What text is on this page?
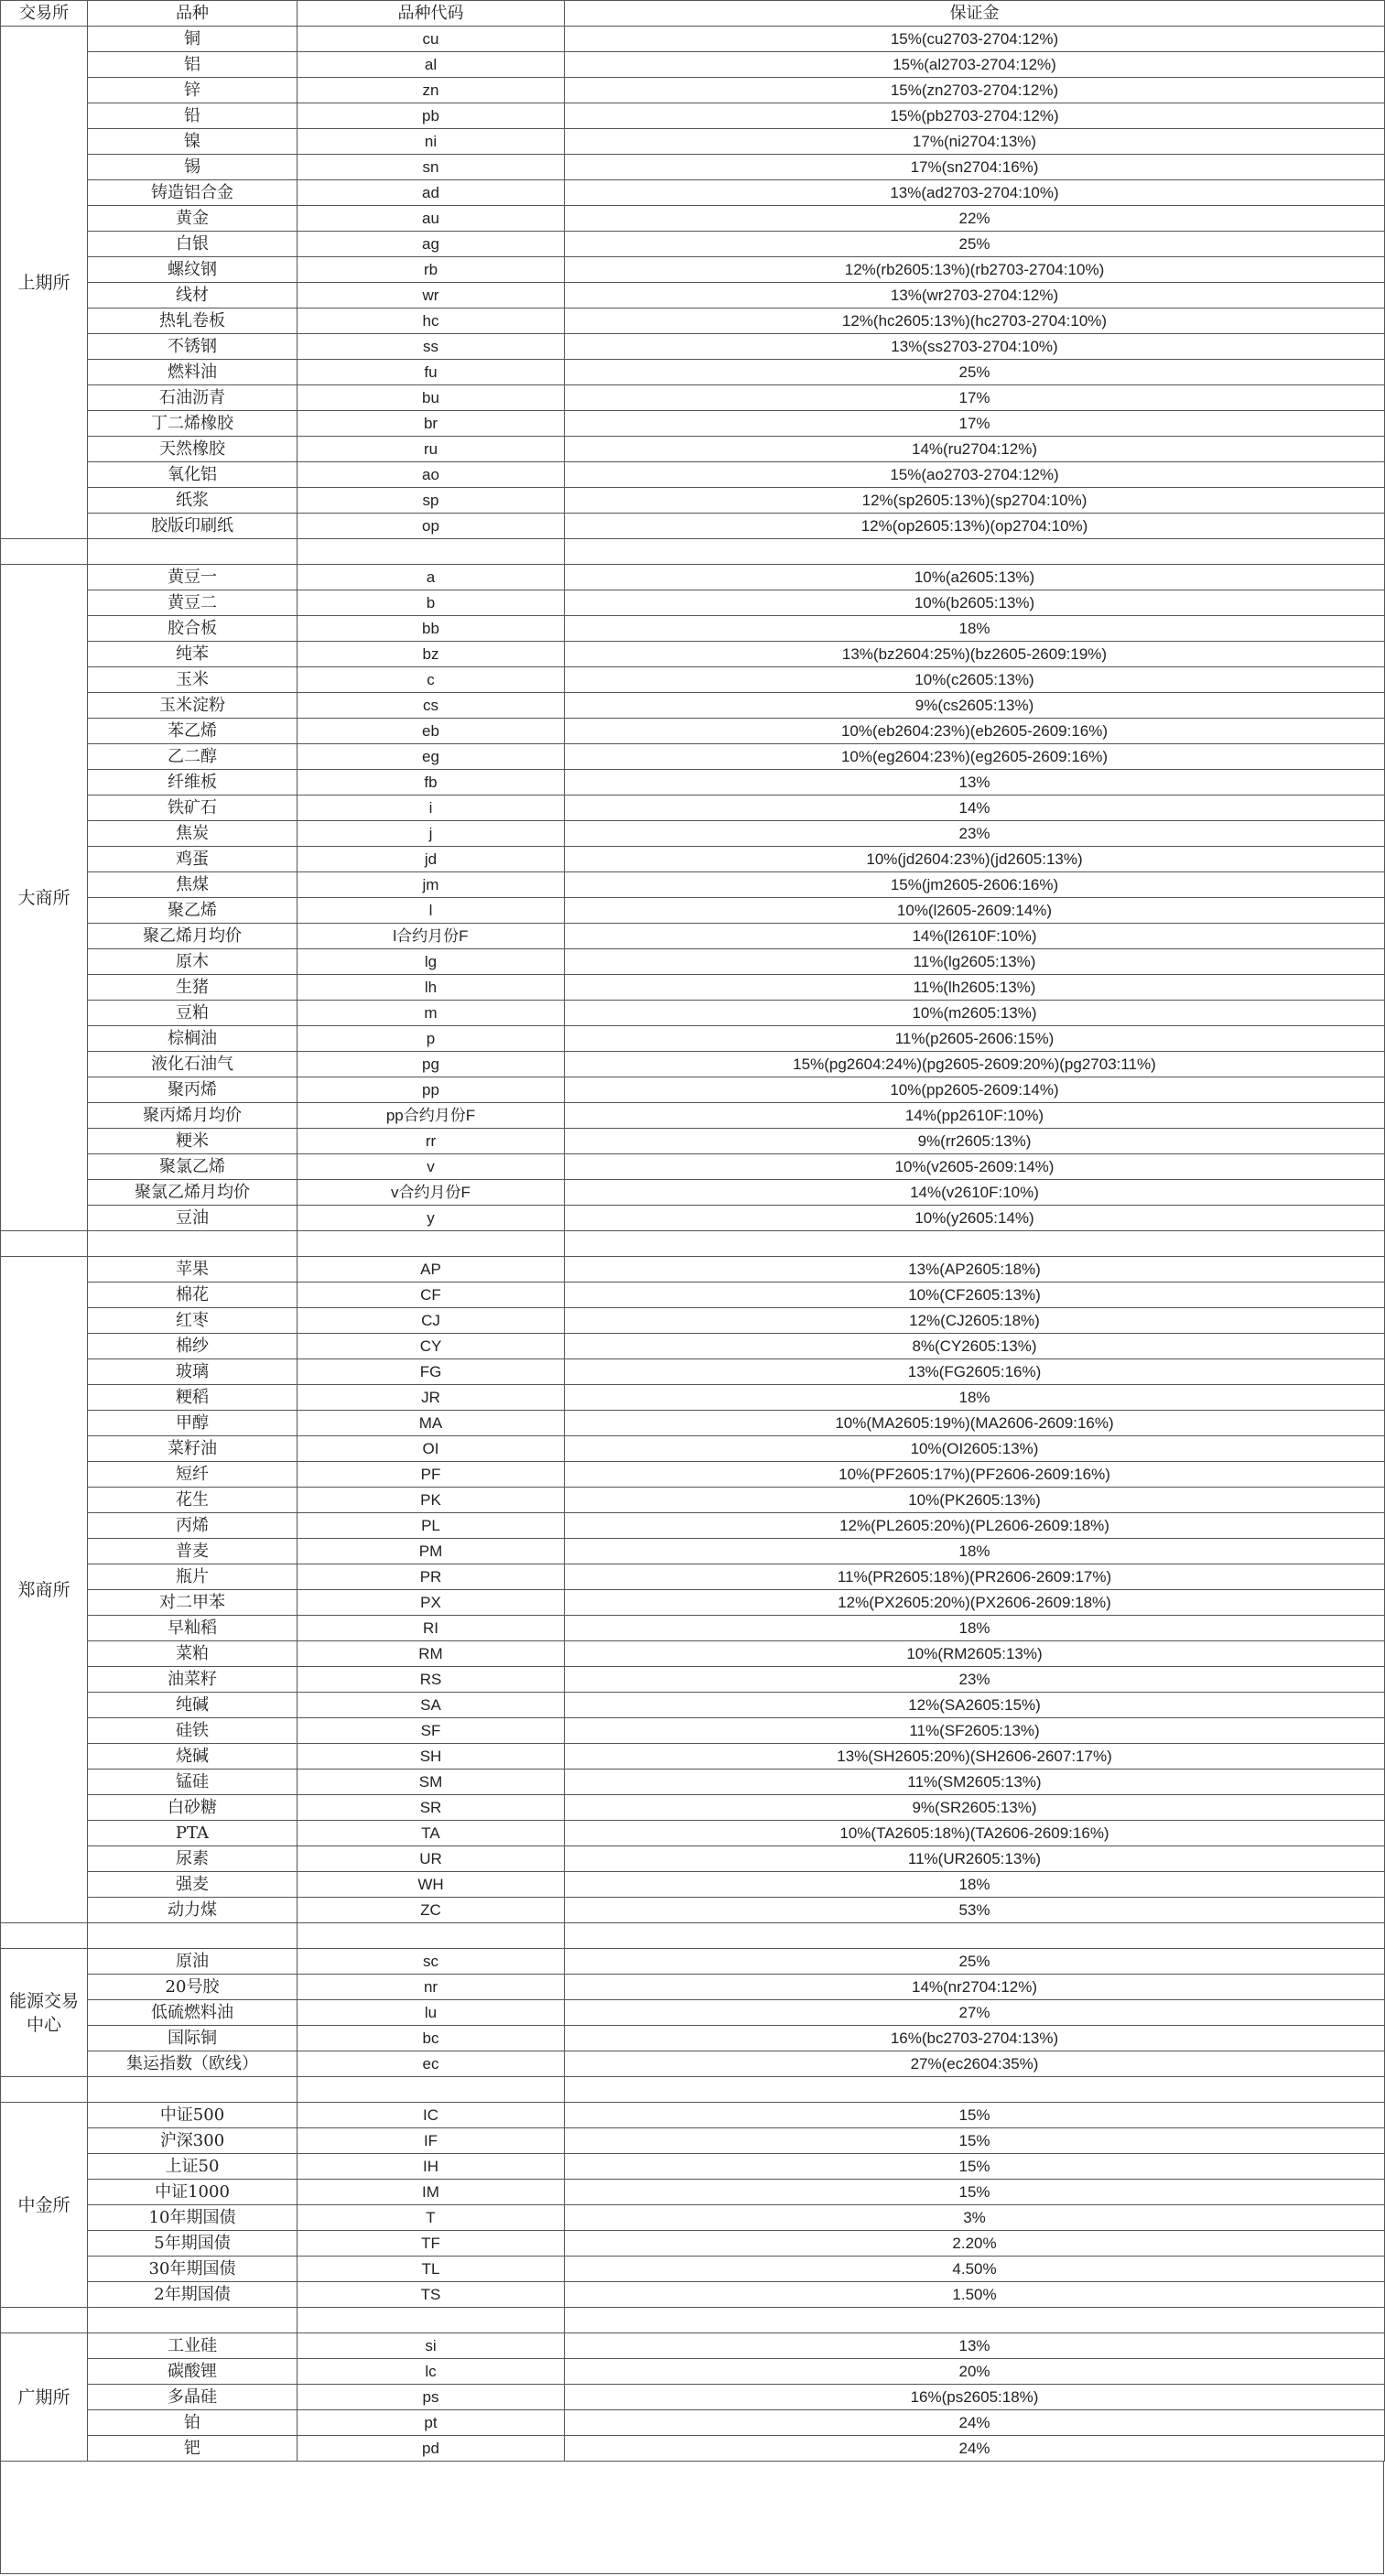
交易所	品种	品种代码	保证金
上期所	铜	cu	15%(cu2703-2704:12%)
	铝	al	15%(al2703-2704:12%)
	锌	zn	15%(zn2703-2704:12%)
	铅	pb	15%(pb2703-2704:12%)
	镍	ni	17%(ni2704:13%)
	锡	sn	17%(sn2704:16%)
	铸造铝合金	ad	13%(ad2703-2704:10%)
	黄金	au	22%
	白银	ag	25%
	螺纹钢	rb	12%(rb2605:13%)(rb2703-2704:10%)
	线材	wr	13%(wr2703-2704:12%)
	热轧卷板	hc	12%(hc2605:13%)(hc2703-2704:10%)
	不锈钢	ss	13%(ss2703-2704:10%)
	燃料油	fu	25%
	石油沥青	bu	17%
	丁二烯橡胶	br	17%
	天然橡胶	ru	14%(ru2704:12%)
	氧化铝	ao	15%(ao2703-2704:12%)
	纸浆	sp	12%(sp2605:13%)(sp2704:10%)
	胶版印刷纸	op	12%(op2605:13%)(op2704:10%)

大商所	黄豆一	a	10%(a2605:13%)
	黄豆二	b	10%(b2605:13%)
	胶合板	bb	18%
	纯苯	bz	13%(bz2604:25%)(bz2605-2609:19%)
	玉米	c	10%(c2605:13%)
	玉米淀粉	cs	9%(cs2605:13%)
	苯乙烯	eb	10%(eb2604:23%)(eb2605-2609:16%)
	乙二醇	eg	10%(eg2604:23%)(eg2605-2609:16%)
	纤维板	fb	13%
	铁矿石	i	14%
	焦炭	j	23%
	鸡蛋	jd	10%(jd2604:23%)(jd2605:13%)
	焦煤	jm	15%(jm2605-2606:16%)
	聚乙烯	l	10%(l2605-2609:14%)
	聚乙烯月均价	l合约月份F	14%(l2610F:10%)
	原木	lg	11%(lg2605:13%)
	生猪	lh	11%(lh2605:13%)
	豆粕	m	10%(m2605:13%)
	棕榈油	p	11%(p2605-2606:15%)
	液化石油气	pg	15%(pg2604:24%)(pg2605-2609:20%)(pg2703:11%)
	聚丙烯	pp	10%(pp2605-2609:14%)
	聚丙烯月均价	pp合约月份F	14%(pp2610F:10%)
	粳米	rr	9%(rr2605:13%)
	聚氯乙烯	v	10%(v2605-2609:14%)
	聚氯乙烯月均价	v合约月份F	14%(v2610F:10%)
	豆油	y	10%(y2605:14%)

郑商所	苹果	AP	13%(AP2605:18%)
	棉花	CF	10%(CF2605:13%)
	红枣	CJ	12%(CJ2605:18%)
	棉纱	CY	8%(CY2605:13%)
	玻璃	FG	13%(FG2605:16%)
	粳稻	JR	18%
	甲醇	MA	10%(MA2605:19%)(MA2606-2609:16%)
	菜籽油	OI	10%(OI2605:13%)
	短纤	PF	10%(PF2605:17%)(PF2606-2609:16%)
	花生	PK	10%(PK2605:13%)
	丙烯	PL	12%(PL2605:20%)(PL2606-2609:18%)
	普麦	PM	18%
	瓶片	PR	11%(PR2605:18%)(PR2606-2609:17%)
	对二甲苯	PX	12%(PX2605:20%)(PX2606-2609:18%)
	早籼稻	RI	18%
	菜粕	RM	10%(RM2605:13%)
	油菜籽	RS	23%
	纯碱	SA	12%(SA2605:15%)
	硅铁	SF	11%(SF2605:13%)
	烧碱	SH	13%(SH2605:20%)(SH2606-2607:17%)
	锰硅	SM	11%(SM2605:13%)
	白砂糖	SR	9%(SR2605:13%)
	PTA	TA	10%(TA2605:18%)(TA2606-2609:16%)
	尿素	UR	11%(UR2605:13%)
	强麦	WH	18%
	动力煤	ZC	53%

能源交易中心	原油	sc	25%
	20号胶	nr	14%(nr2704:12%)
	低硫燃料油	lu	27%
	国际铜	bc	16%(bc2703-2704:13%)
	集运指数（欧线）	ec	27%(ec2604:35%)

中金所	中证500	IC	15%
	沪深300	IF	15%
	上证50	IH	15%
	中证1000	IM	15%
	10年期国债	T	3%
	5年期国债	TF	2.20%
	30年期国债	TL	4.50%
	2年期国债	TS	1.50%

广期所	工业硅	si	13%
	碳酸锂	lc	20%
	多晶硅	ps	16%(ps2605:18%)
	铂	pt	24%
	钯	pd	24%
